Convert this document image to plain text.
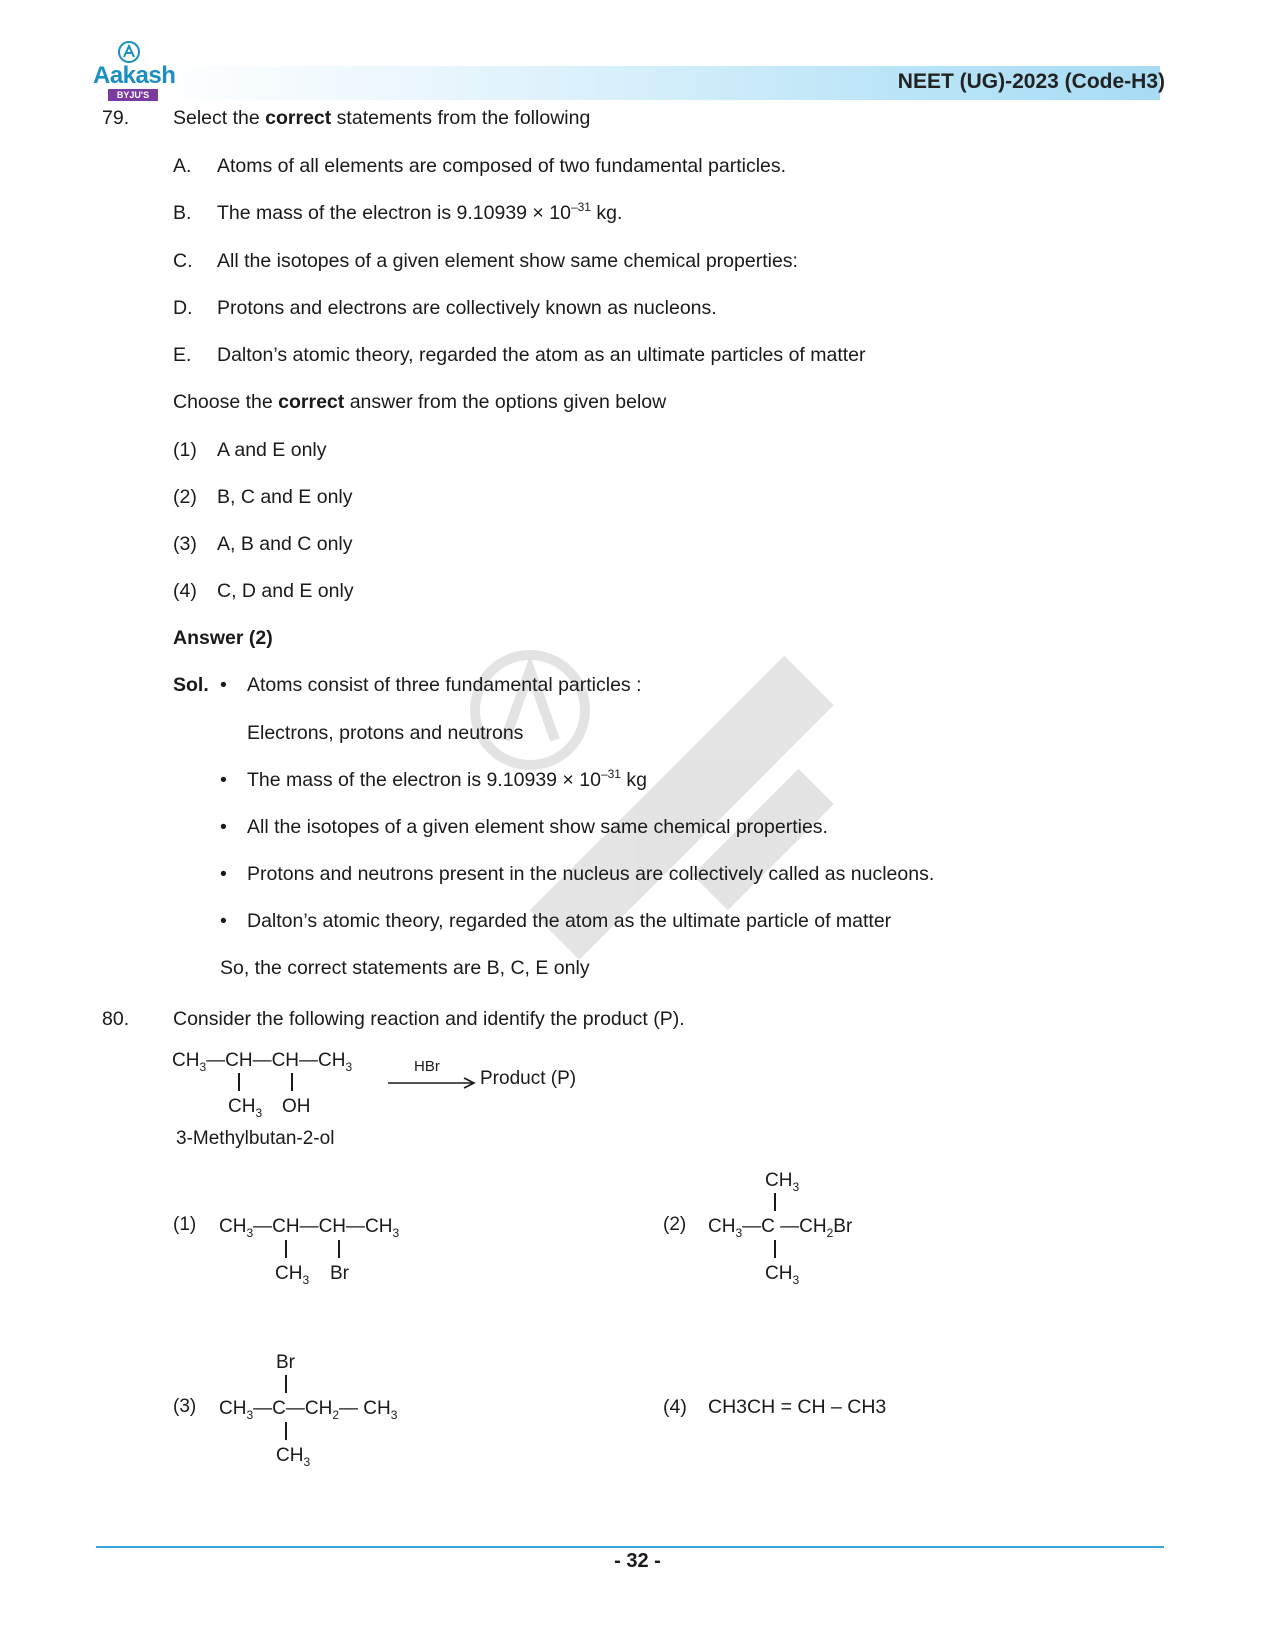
Aakash
BYJU'S
NEET (UG)-2023 (Code-H3)
79. Select the correct statements from the following
A. Atoms of all elements are composed of two fundamental particles.
B. The mass of the electron is $9.10939 \times 10^{-31}$ kg.
C. All the isotopes of a given element show same chemical properties:
D. Protons and electrons are collectively known as nucleons.
E. Dalton’s atomic theory, regarded the atom as an ultimate particles of matter
Choose the correct answer from the options given below
(1) A and E only
(2) B, C and E only
(3) A, B and C only
(4) C, D and E only
Answer (2)
Sol. • Atoms consist of three fundamental particles :
Electrons, protons and neutrons
• The mass of the electron is $9.10939 \times 10^{-31}$ kg
• All the isotopes of a given element show same chemical properties.
• Protons and neutrons present in the nucleus are collectively called as nucleons.
• Dalton’s atomic theory, regarded the atom as the ultimate particle of matter
So, the correct statements are B, C, E only
80. Consider the following reaction and identify the product (P).
$CH_3—CH—CH—CH_3$
$CH_3$ OH
3-Methylbutan-2-ol
HBr
Product (P)
(1) $CH_3—CH—CH—CH_3$
$CH_3$ Br
(2)
$CH_3$
$CH_3—C$ $—CH_2Br$
$CH_3$
(3)
Br
$CH_3—C—CH_2—$ $CH_3$
$CH_3$
(4) CH3CH = CH – CH3
- 32 -
